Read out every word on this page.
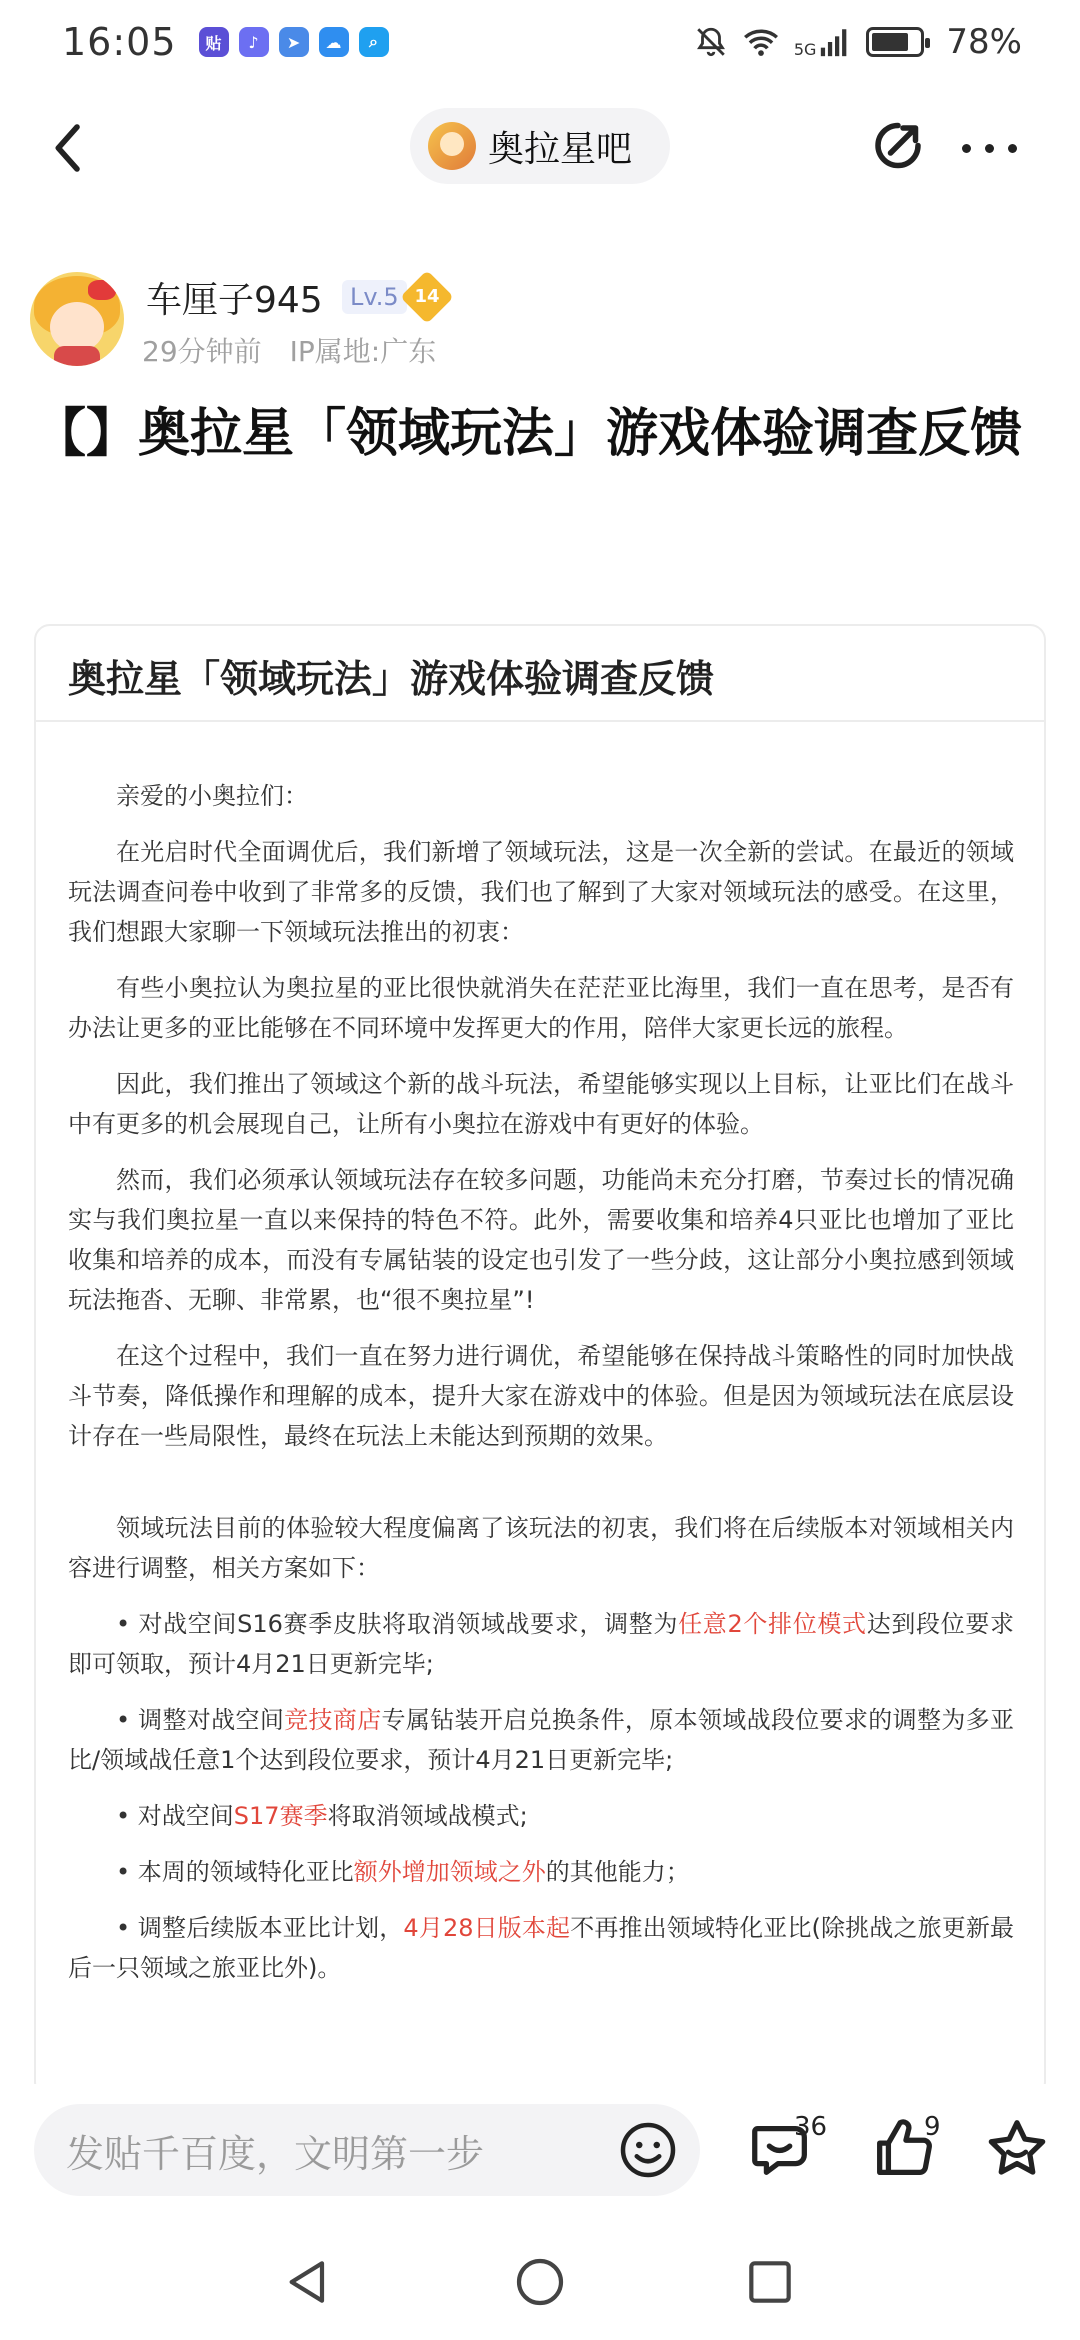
16:05	贴	♪	➤	☁	⌕	5G	78%
奥拉星吧
车厘子945	Lv.5 14
29分钟前 IP属地:广东
【】奥拉星「领域玩法」游戏体验调查反馈
奥拉星「领域玩法」游戏体验调查反馈

亲爱的小奥拉们：

在光启时代全面调优后，我们新增了领域玩法，这是一次全新的尝试。在最近的领域玩法调查问卷中收到了非常多的反馈，我们也了解到了大家对领域玩法的感受。在这里，我们想跟大家聊一下领域玩法推出的初衷：

有些小奥拉认为奥拉星的亚比很快就消失在茫茫亚比海里，我们一直在思考，是否有办法让更多的亚比能够在不同环境中发挥更大的作用，陪伴大家更长远的旅程。

因此，我们推出了领域这个新的战斗玩法，希望能够实现以上目标，让亚比们在战斗中有更多的机会展现自己，让所有小奥拉在游戏中有更好的体验。

然而，我们必须承认领域玩法存在较多问题，功能尚未充分打磨，节奏过长的情况确实与我们奥拉星一直以来保持的特色不符。此外，需要收集和培养4只亚比也增加了亚比收集和培养的成本，而没有专属钻装的设定也引发了一些分歧，这让部分小奥拉感到领域玩法拖沓、无聊、非常累，也“很不奥拉星”!

在这个过程中，我们一直在努力进行调优，希望能够在保持战斗策略性的同时加快战斗节奏，降低操作和理解的成本，提升大家在游戏中的体验。但是因为领域玩法在底层设计存在一些局限性，最终在玩法上未能达到预期的效果。

领域玩法目前的体验较大程度偏离了该玩法的初衷，我们将在后续版本对领域相关内容进行调整，相关方案如下：

• 对战空间S16赛季皮肤将取消领域战要求，调整为任意2个排位模式达到段位要求即可领取，预计4月21日更新完毕;

• 调整对战空间竞技商店专属钻装开启兑换条件，原本领域战段位要求的调整为多亚比/领域战任意1个达到段位要求，预计4月21日更新完毕;

• 对战空间S17赛季将取消领域战模式;

• 本周的领域特化亚比额外增加领域之外的其他能力；

• 调整后续版本亚比计划，4月28日版本起不再推出领域特化亚比(除挑战之旅更新最后一只领域之旅亚比外)。

发贴千百度，文明第一步
36	9
